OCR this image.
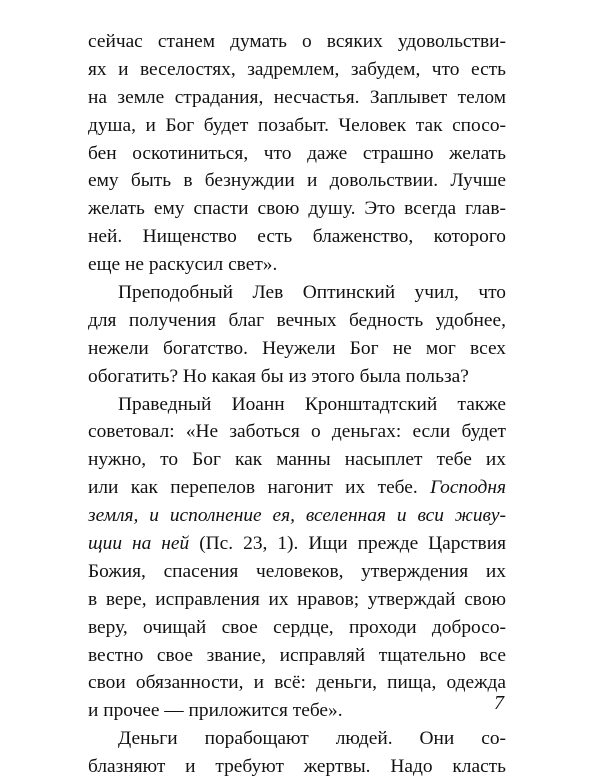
сейчас станем думать о всяких удовольстви-
ях и веселостях, задремлем, забудем, что есть
на земле страдания, несчастья. Заплывет телом
душа, и Бог будет позабыт. Человек так спосо-
бен оскотиниться, что даже страшно желать
ему быть в безнуждии и довольствии. Лучше
желать ему спасти свою душу. Это всегда глав-
ней. Нищенство есть блаженство, которого
еще не раскусил свет».
Преподобный Лев Оптинский учил, что
для получения благ вечных бедность удобнее,
нежели богатство. Неужели Бог не мог всех
обогатить? Но какая бы из этого была польза?
Праведный Иоанн Кронштадтский также
советовал: «Не заботься о деньгах: если будет
нужно, то Бог как манны насыплет тебе их
или как перепелов нагонит их тебе. Господня
земля, и исполнение ея, вселенная и вси живу-
щии на ней (Пс. 23, 1). Ищи прежде Царствия
Божия, спасения человеков, утверждения их
в вере, исправления их нравов; утверждай свою
веру, очищай свое сердце, проходи добросо-
вестно свое звание, исправляй тщательно все
свои обязанности, и всё: деньги, пища, одежда
и прочее — приложится тебе».
Деньги порабощают людей. Они со-
блазняют и требуют жертвы. Надо класть
7
